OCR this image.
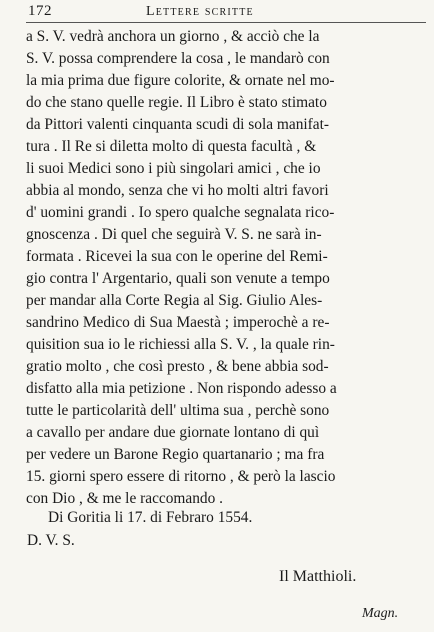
172	Lettere scritte
a S. V. vedrà anchora un giorno , & acciò che la
S. V. possa comprendere la cosa , le mandarò con
la mia prima due figure colorite, & ornate nel mo-
do che stano quelle regie. Il Libro è stato stimato
da Pittori valenti cinquanta scudi di sola manifat-
tura . Il Re si diletta molto di questa facultà , &
li suoi Medici sono i più singolari amici , che io
abbia al mondo, senza che vi ho molti altri favori
d' uomini grandi . Io spero qualche segnalata rico-
gnoscenza . Di quel che seguirà V. S. ne sarà in-
formata . Ricevei la sua con le operine del Remi-
gio contra l' Argentario, quali son venute a tempo
per mandar alla Corte Regia al Sig. Giulio Ales-
sandrino Medico di Sua Maestà ; imperochè a re-
quisition sua io le richiessi alla S. V. , la quale rin-
gratio molto , che così presto , & bene abbia sod-
disfatto alla mia petizione . Non rispondo adesso a
tutte le particolarità dell' ultima sua , perchè sono
a cavallo per andare due giornate lontano di quì
per vedere un Barone Regio quartanario ; ma fra
15. giorni spero essere di ritorno , & però la lascio
con Dio , & me le raccomando .
Di Goritia li 17. di Febraro 1554.
D. V. S.
Il Matthioli.
Magn.
